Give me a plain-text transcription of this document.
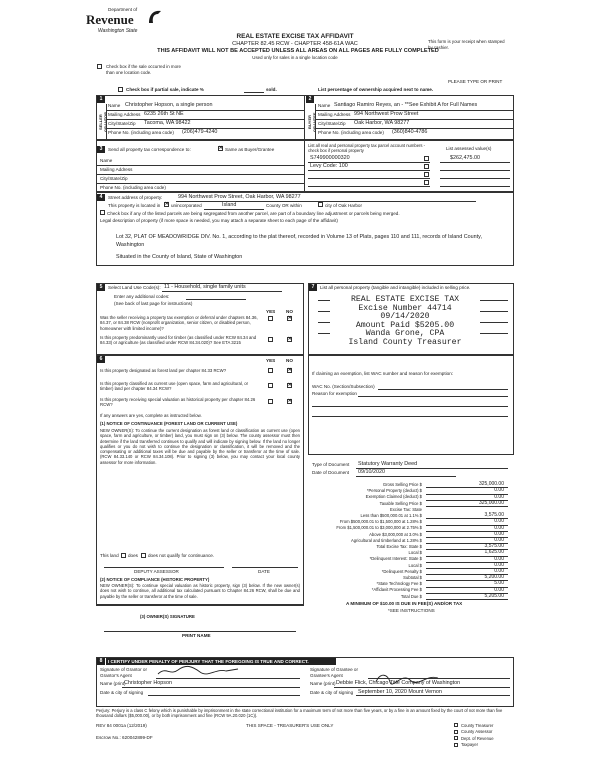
Department of
Revenue
Washington State
REAL ESTATE EXCISE TAX AFFIDAVIT
CHAPTER 82.45 RCW - CHAPTER 458-61A WAC
THIS AFFIDAVIT WILL NOT BE ACCEPTED UNLESS ALL AREAS ON ALL PAGES ARE FULLY COMPLETED
Used only for sales in a single location code
This form is your receipt when stamped by cashier.
Check box if the sale occurred in more than one location code.
PLEASE TYPE OR PRINT
Check box if partial sale, indicate %	sold.	List percentage of ownership acquired next to name.
1
SELLER GRANTOR
Name Christopher Hopson, a single person
Mailing Address 6235 26th St NE
City/State/Zip Tacoma, WA 98422
Phone No. (including area code) (206)479-4240
2
BUYER GRANTEE
Name Santiago Ramiro Reyes, an - **See Exhibit A for Full Names
Mailing Address 994 Northwest Prow Street
City/State/Zip Oak Harbor, WA 98277
Phone No. (including area code) (360)840-4786
3	Send all property tax correspondence to: ✕	Same as Buyer/Grantee
Name
Mailing Address
City/State/Zip
Phone No. (including area code)
List all real and personal property tax parcel account numbers - check box if personal property	List assessed value(s)
S749900000320	$262,475.00
Levy Code: 100
4	Street address of property:	994 Northwest Prow Street, Oak Harbor, WA 98277
This property is located in ✕ unincorporated	Island	County OR within	city of Oak Harbor
Check box if any of the listed parcels are being segregated from another parcel, are part of a boundary line adjustment or parcels being merged.
Legal description of property (if more space is needed, you may attach a separate sheet to each page of the affidavit)
Lot 32, PLAT OF MEADOWRIDGE DIV. No. 1, according to the plat thereof, recorded in Volume 13 of Plats, pages 110 and 111, records of Island County, Washington
Situated in the County of Island, State of Washington
5	Select Land Use Code(s): 11 - Household, single family units
Enter any additional codes:
(See back of last page for instructions)
YES NO
Was the seller receiving a property tax exemption or deferral under chapters 84.36, 84.37, or 84.38 RCW (nonprofit organization, senior citizen, or disabled person, homeowner with limited income)?
✕
Is this property predominantly used for timber (as classified under RCW 84.34 and 84.33) or agriculture (as classified under RCW 84.34.020)? See ETA 3215
✕
7	List all personal property (tangible and intangible) included in selling price.
REAL ESTATE EXCISE TAX
Excise Number 44714
09/14/2020
Amount Paid $5205.00
Wanda Grone, CPA
Island County Treasurer
6	YES NO
Is this property designated as forest land per chapter 84.33 RCW?
✕
Is this property classified as current use (open space, farm and agricultural, or timber) land per chapter 84.34 RCW?
✕
Is this property receiving special valuation as historical property per chapter 84.26 RCW?
✕
If any answers are yes, complete as instructed below.
(1) NOTICE OF CONTINUANCE (FOREST LAND OR CURRENT USE)
NEW OWNER(S): To continue the current designation as forest land or classification as current use (open space, farm and agriculture, or timber) land, you must sign on (3) below. The county assessor must then determine if the land transferred continues to qualify and will indicate by signing below. If the land no longer qualifies or you do not wish to continue the designation or classification, it will be removed and the compensating or additional taxes will be due and payable by the seller or transferor at the time of sale. (RCW 84.33.140 or RCW 84.34.108). Prior to signing (3) below, you may contact your local county assessor for more information.
This land does does not qualify for continuance.
DEPUTY ASSESSOR	DATE
(2) NOTICE OF COMPLIANCE (HISTORIC PROPERTY)
NEW OWNER(S): To continue special valuation as historic property, sign (3) below. If the new owner(s) does not wish to continue, all additional tax calculated pursuant to Chapter 84.26 RCW, shall be due and payable by the seller or transferor at the time of sale.
(3) OWNER(S) SIGNATURE
PRINT NAME
If claiming an exemption, list WAC number and reason for exemption:
WAC No. (Section/Subsection)
Reason for exemption
Type of Document Statutory Warranty Deed
Date of Document 09/10/2020
Gross Selling Price $	325,000.00
*Personal Property (deduct) $	0.00
Exemption Claimed (deduct) $	0.00
Taxable Selling Price $	325,000.00
Excise Tax: State
Less than $500,000.01 at 1.1% $	3,575.00
From $500,000.01 to $1,500,000 at 1.28% $	0.00
From $1,500,000.01 to $3,000,000 at 2.75% $	0.00
Above $3,000,000 at 3.0% $	0.00
Agricultural and timberland at 1.28% $	0.00
Total Excise Tax: State $	3,575.00
Local $	1,625.00
*Delinquent Interest: State $	0.00
Local $	0.00
*Delinquent Penalty $	0.00
Subtotal $	5,200.00
*State Technology Fee $	5.00
*Affidavit Processing Fee $	0.00
Total Due $	5,205.00
A MINIMUM OF $10.00 IS DUE IN FEE(S) AND/OR TAX
*SEE INSTRUCTIONS
8	I CERTIFY UNDER PENALTY OF PERJURY THAT THE FOREGOING IS TRUE AND CORRECT.
Signature of Grantor or Grantor's Agent
Name (print)
Christopher Hopson
Date & city of signing
Signature of Grantee or Grantee's Agent
Name (print) Debbie Flick, Chicago Title Company of Washington
Date & city of signing September 10, 2020 Mount Vernon
Perjury: Perjury is a class C felony which is punishable by imprisonment in the state correctional institution for a maximum term of not more than five years, or by a fine in an amount fixed by the court of not more than five thousand dollars ($5,000.00), or by both imprisonment and fine (RCW 9A.20.020 (1C)).
REV 84 0001a (12/2019)	THIS SPACE - TREASURER'S USE ONLY
Escrow No.: 620042899-DF
County Treasurer
County Assessor
Dept. of Revenue
Taxpayer
